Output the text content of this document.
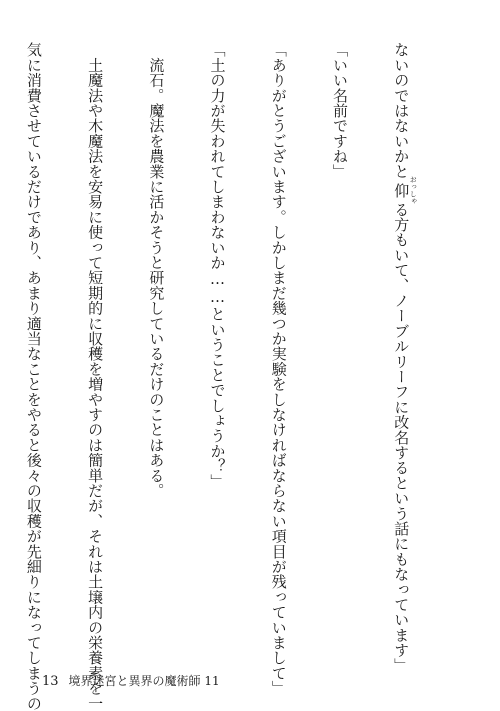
ないのではないかと仰 おっしゃる方もいて、ノーブルリーフに改名するという話にもなっています」

「いい名前ですね」

「ありがとうございます。しかしまだ幾つか実験をしなければならない項目が残っていまして」

「土の力が失われてしまわないか……ということでしょうか？」

流石。魔法を農業に活かそうと研究しているだけのことはある。

土魔法や木魔法を安易に使って短期的に収穫を増やすのは簡単だが、それは土壌内の栄養素を一

気に消費させているだけであり、あまり適当なことをやると後々の収穫が先細りになってしまうの

13 境界迷宮と異界の魔術師 11
